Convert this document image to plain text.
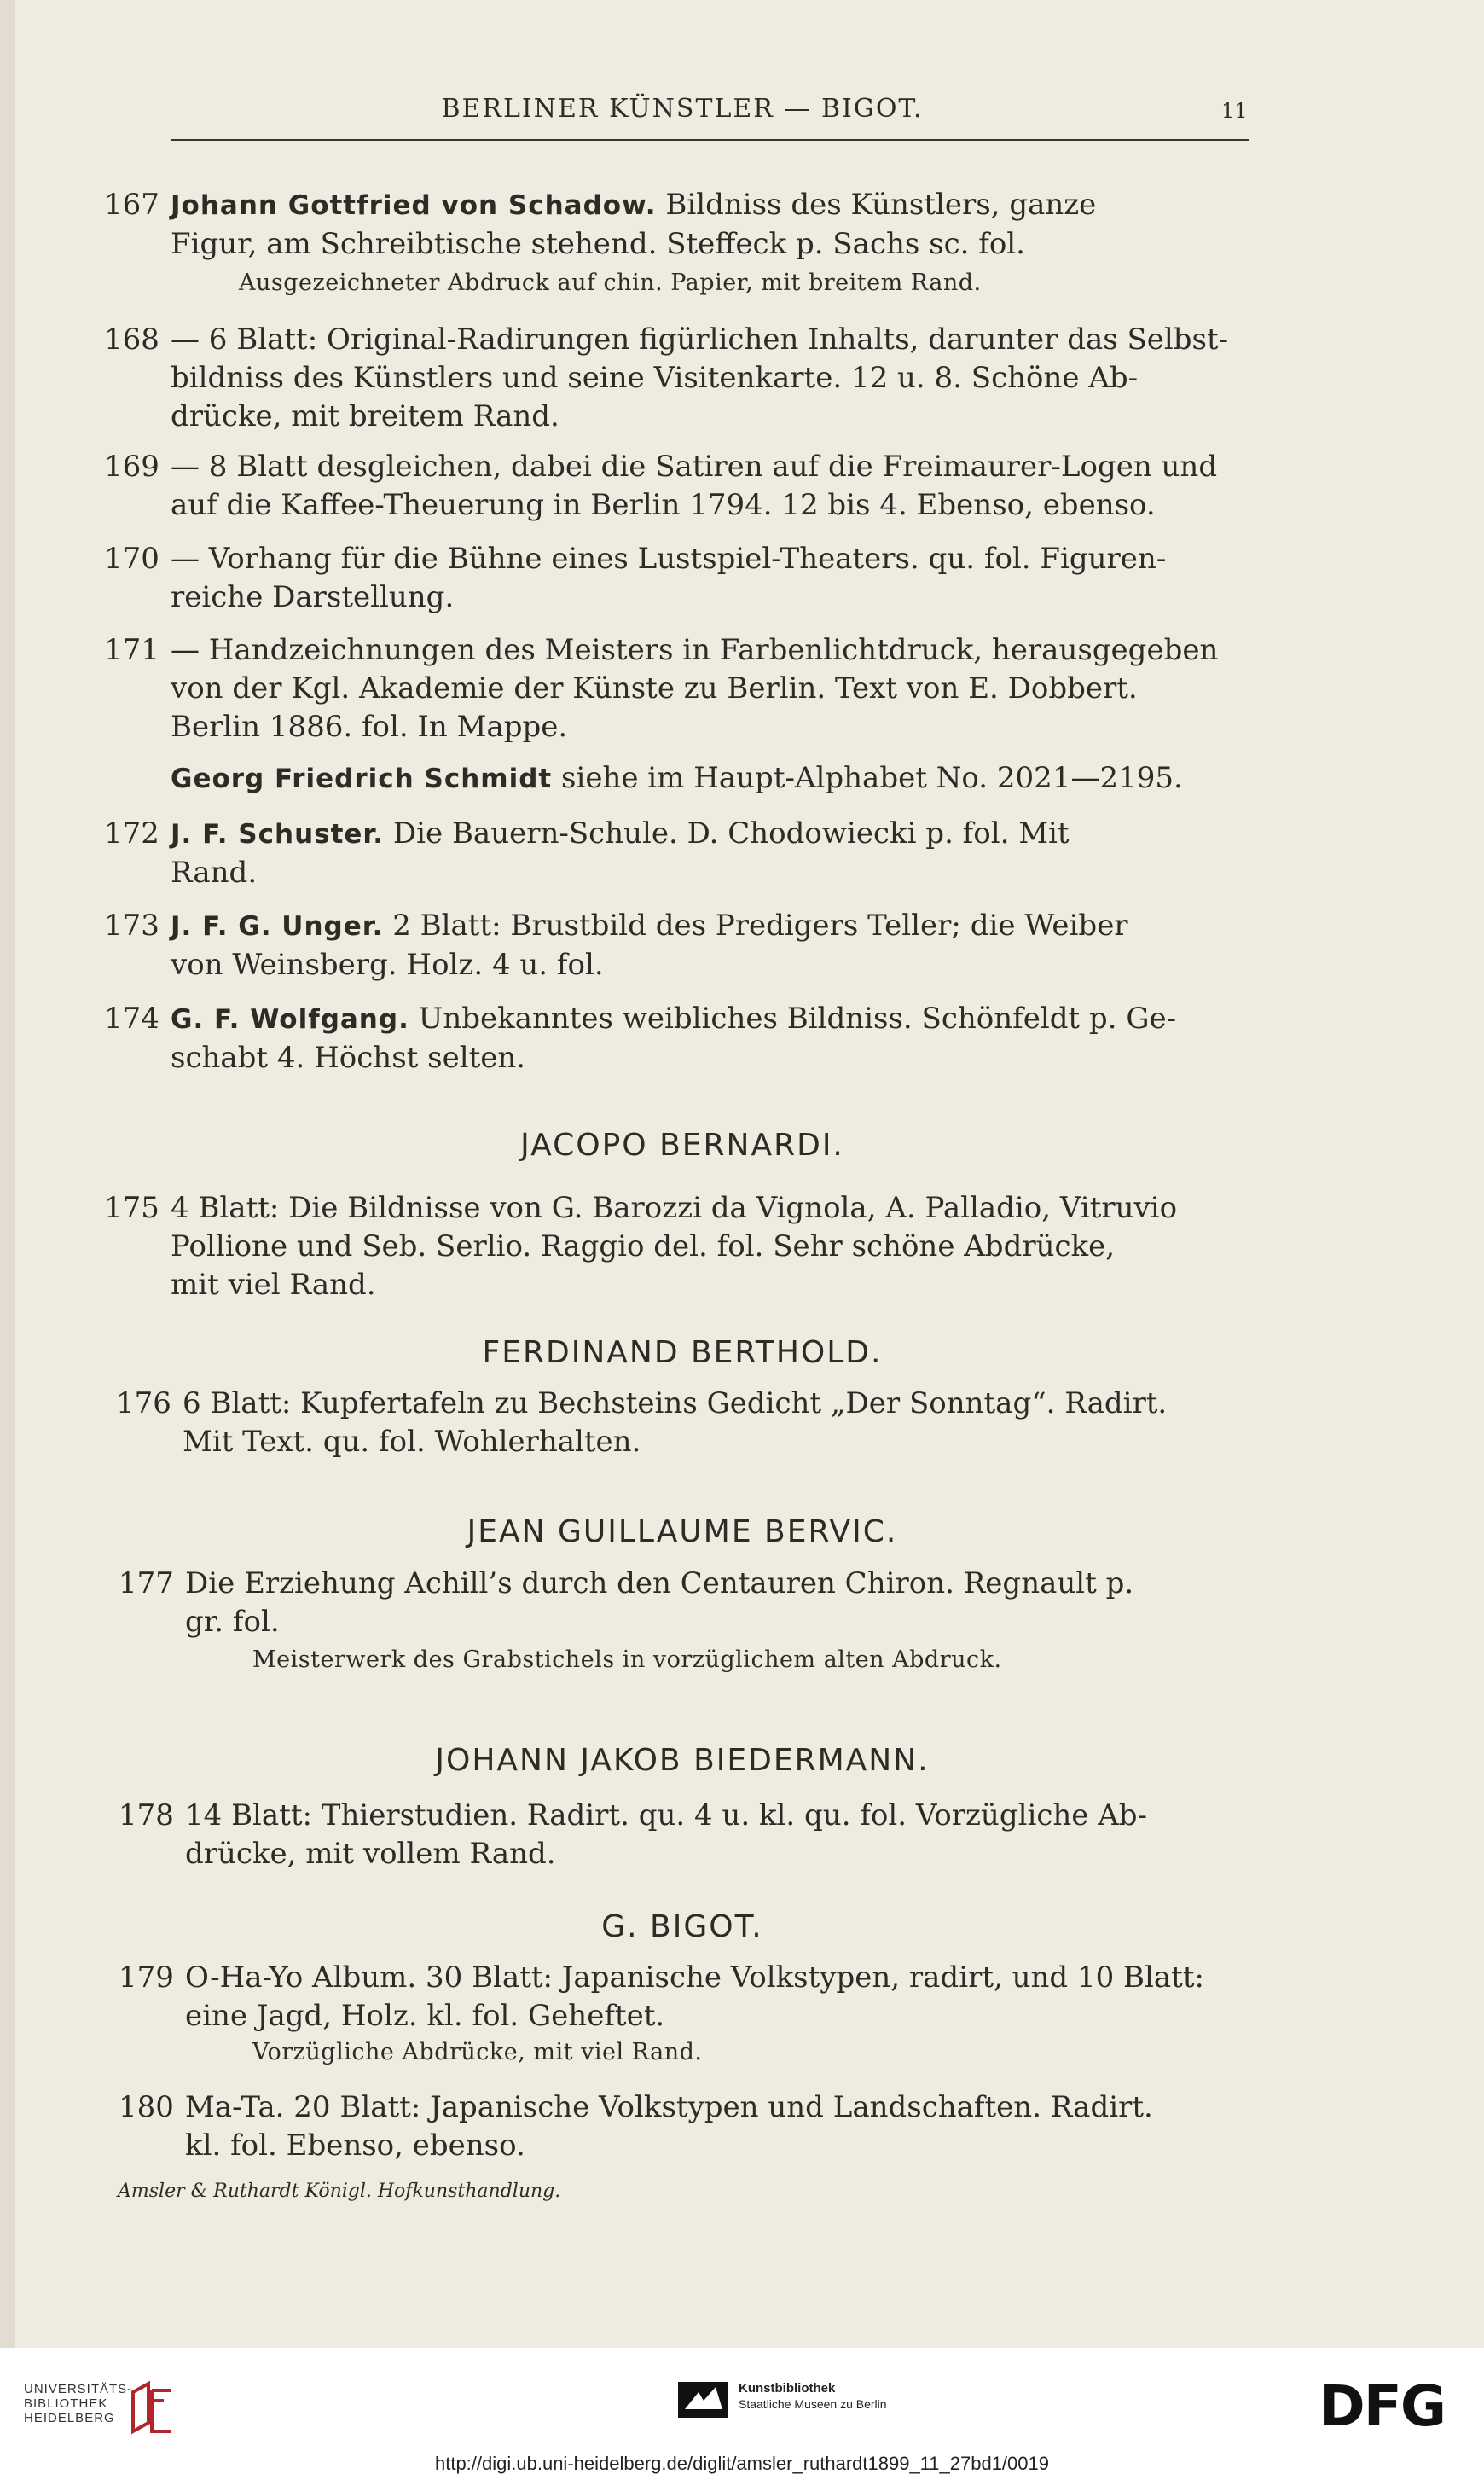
BERLINER KÜNSTLER — BIGOT.	11
167 Johann Gottfried von Schadow. Bildniss des Künstlers, ganze
Figur, am Schreibtische stehend. Steffeck p. Sachs sc. fol.
Ausgezeichneter Abdruck auf chin. Papier, mit breitem Rand.
168 — 6 Blatt: Original-Radirungen figürlichen Inhalts, darunter das Selbst-
bildniss des Künstlers und seine Visitenkarte. 12 u. 8. Schöne Ab-
drücke, mit breitem Rand.
169 — 8 Blatt desgleichen, dabei die Satiren auf die Freimaurer-Logen und
auf die Kaffee-Theuerung in Berlin 1794. 12 bis 4. Ebenso, ebenso.
170 — Vorhang für die Bühne eines Lustspiel-Theaters. qu. fol. Figuren-
reiche Darstellung.
171 — Handzeichnungen des Meisters in Farbenlichtdruck, herausgegeben
von der Kgl. Akademie der Künste zu Berlin. Text von E. Dobbert.
Berlin 1886. fol. In Mappe.
Georg Friedrich Schmidt siehe im Haupt-Alphabet No. 2021—2195.
172 J. F. Schuster. Die Bauern-Schule. D. Chodowiecki p. fol. Mit
Rand.
173 J. F. G. Unger. 2 Blatt: Brustbild des Predigers Teller; die Weiber
von Weinsberg. Holz. 4 u. fol.
174 G. F. Wolfgang. Unbekanntes weibliches Bildniss. Schönfeldt p. Ge-
schabt 4. Höchst selten.
JACOPO BERNARDI.
175 4 Blatt: Die Bildnisse von G. Barozzi da Vignola, A. Palladio, Vitruvio
Pollione und Seb. Serlio. Raggio del. fol. Sehr schöne Abdrücke,
mit viel Rand.
FERDINAND BERTHOLD.
176 6 Blatt: Kupfertafeln zu Bechsteins Gedicht „Der Sonntag“. Radirt.
Mit Text. qu. fol. Wohlerhalten.
JEAN GUILLAUME BERVIC.
177 Die Erziehung Achill’s durch den Centauren Chiron. Regnault p.
gr. fol.
Meisterwerk des Grabstichels in vorzüglichem alten Abdruck.
JOHANN JAKOB BIEDERMANN.
178 14 Blatt: Thierstudien. Radirt. qu. 4 u. kl. qu. fol. Vorzügliche Ab-
drücke, mit vollem Rand.
G. BIGOT.
179 O-Ha-Yo Album. 30 Blatt: Japanische Volkstypen, radirt, und 10 Blatt:
eine Jagd, Holz. kl. fol. Geheftet.
Vorzügliche Abdrücke, mit viel Rand.
180 Ma-Ta. 20 Blatt: Japanische Volkstypen und Landschaften. Radirt.
kl. fol. Ebenso, ebenso.
Amsler & Ruthardt Königl. Hofkunsthandlung.
UNIVERSITÄTS-
BIBLIOTHEK
HEIDELBERG
Kunstbibliothek
Staatliche Museen zu Berlin	DFG
http://digi.ub.uni-heidelberg.de/diglit/amsler_ruthardt1899_11_27bd1/0019
